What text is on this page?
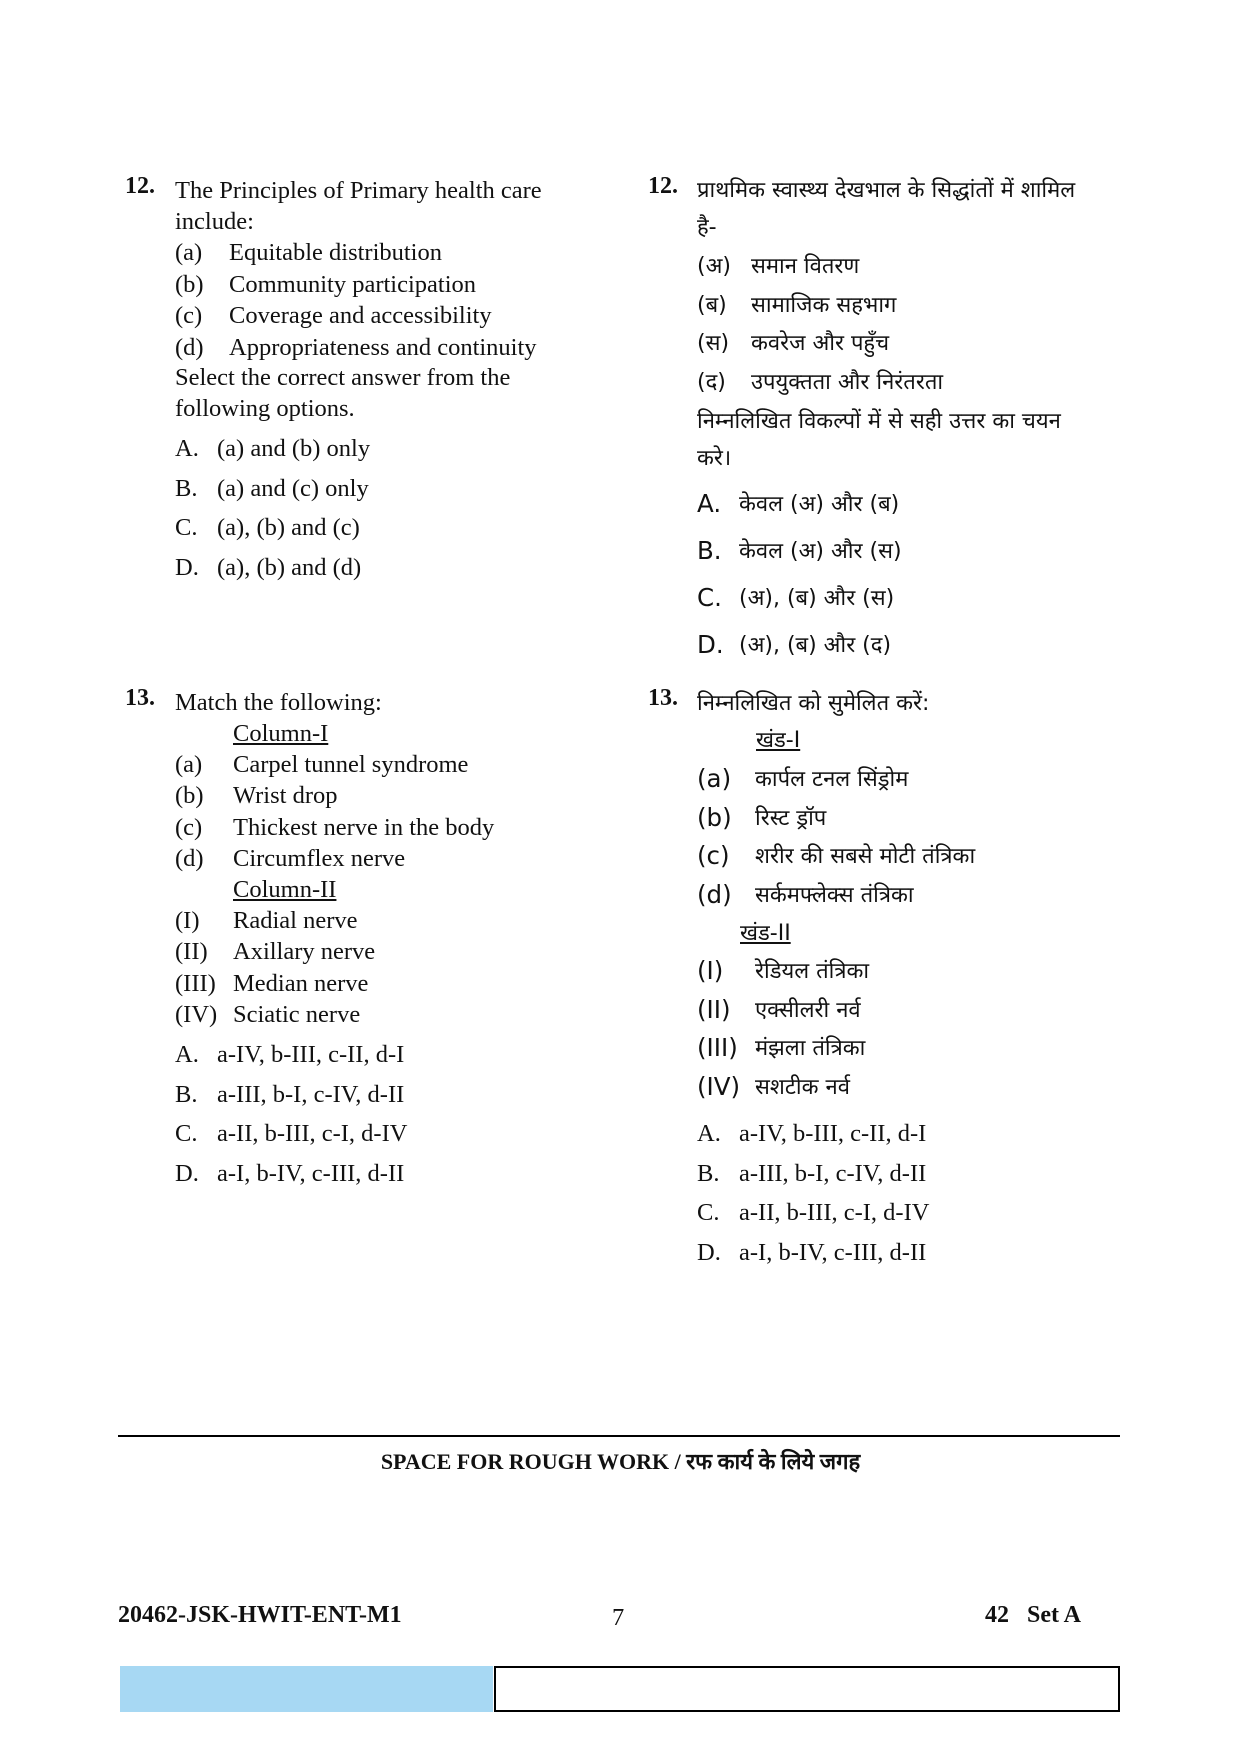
12. The Principles of Primary health care
include:
(a)	Equitable distribution
(b)	Community participation
(c)	Coverage and accessibility
(d)	Appropriateness and continuity
Select the correct answer from the
following options.
A. (a) and (b) only
B. (a) and (c) only
C. (a), (b) and (c)
D. (a), (b) and (d)
12. प्राथमिक स्वास्थ्य देखभाल के सिद्धांतों में शामिल
है-
(अ) समान वितरण
(ब)	सामाजिक सहभाग
(स) कवरेज और पहुँच
(द)	उपयुक्तता और निरंतरता
निम्नलिखित विकल्पों में से सही उत्तर का चयन
करे।
A. केवल (अ) और (ब)
B. केवल (अ) और (स)
C. (अ), (ब) और (स)
D. (अ), (ब) और (द)
13. Match the following:
Column-I
(a)	Carpel tunnel syndrome
(b)	Wrist drop
(c)	Thickest nerve in the body
(d)	Circumflex nerve
Column-II
(I)	Radial nerve
(II)	Axillary nerve
(III) Median nerve
(IV) Sciatic nerve
A. a-IV, b-III, c-II, d-I
B. a-III, b-I, c-IV, d-II
C. a-II, b-III, c-I, d-IV
D. a-I, b-IV, c-III, d-II
13. निम्नलिखित को सुमेलित करें:
खंड-I
(a)	कार्पल टनल सिंड्रोम
(b)	रिस्ट ड्रॉप
(c)	शरीर की सबसे मोटी तंत्रिका
(d)	सर्कमफ्लेक्स तंत्रिका
खंड-II
(I)	रेडियल तंत्रिका
(II)	एक्सीलरी नर्व
(III) मंझला तंत्रिका
(IV) सशटीक नर्व
A. a-IV, b-III, c-II, d-I
B. a-III, b-I, c-IV, d-II
C. a-II, b-III, c-I, d-IV
D. a-I, b-IV, c-III, d-II
SPACE FOR ROUGH WORK / रफ कार्य के लिये जगह
20462-JSK-HWIT-ENT-M1	7	42   Set A
